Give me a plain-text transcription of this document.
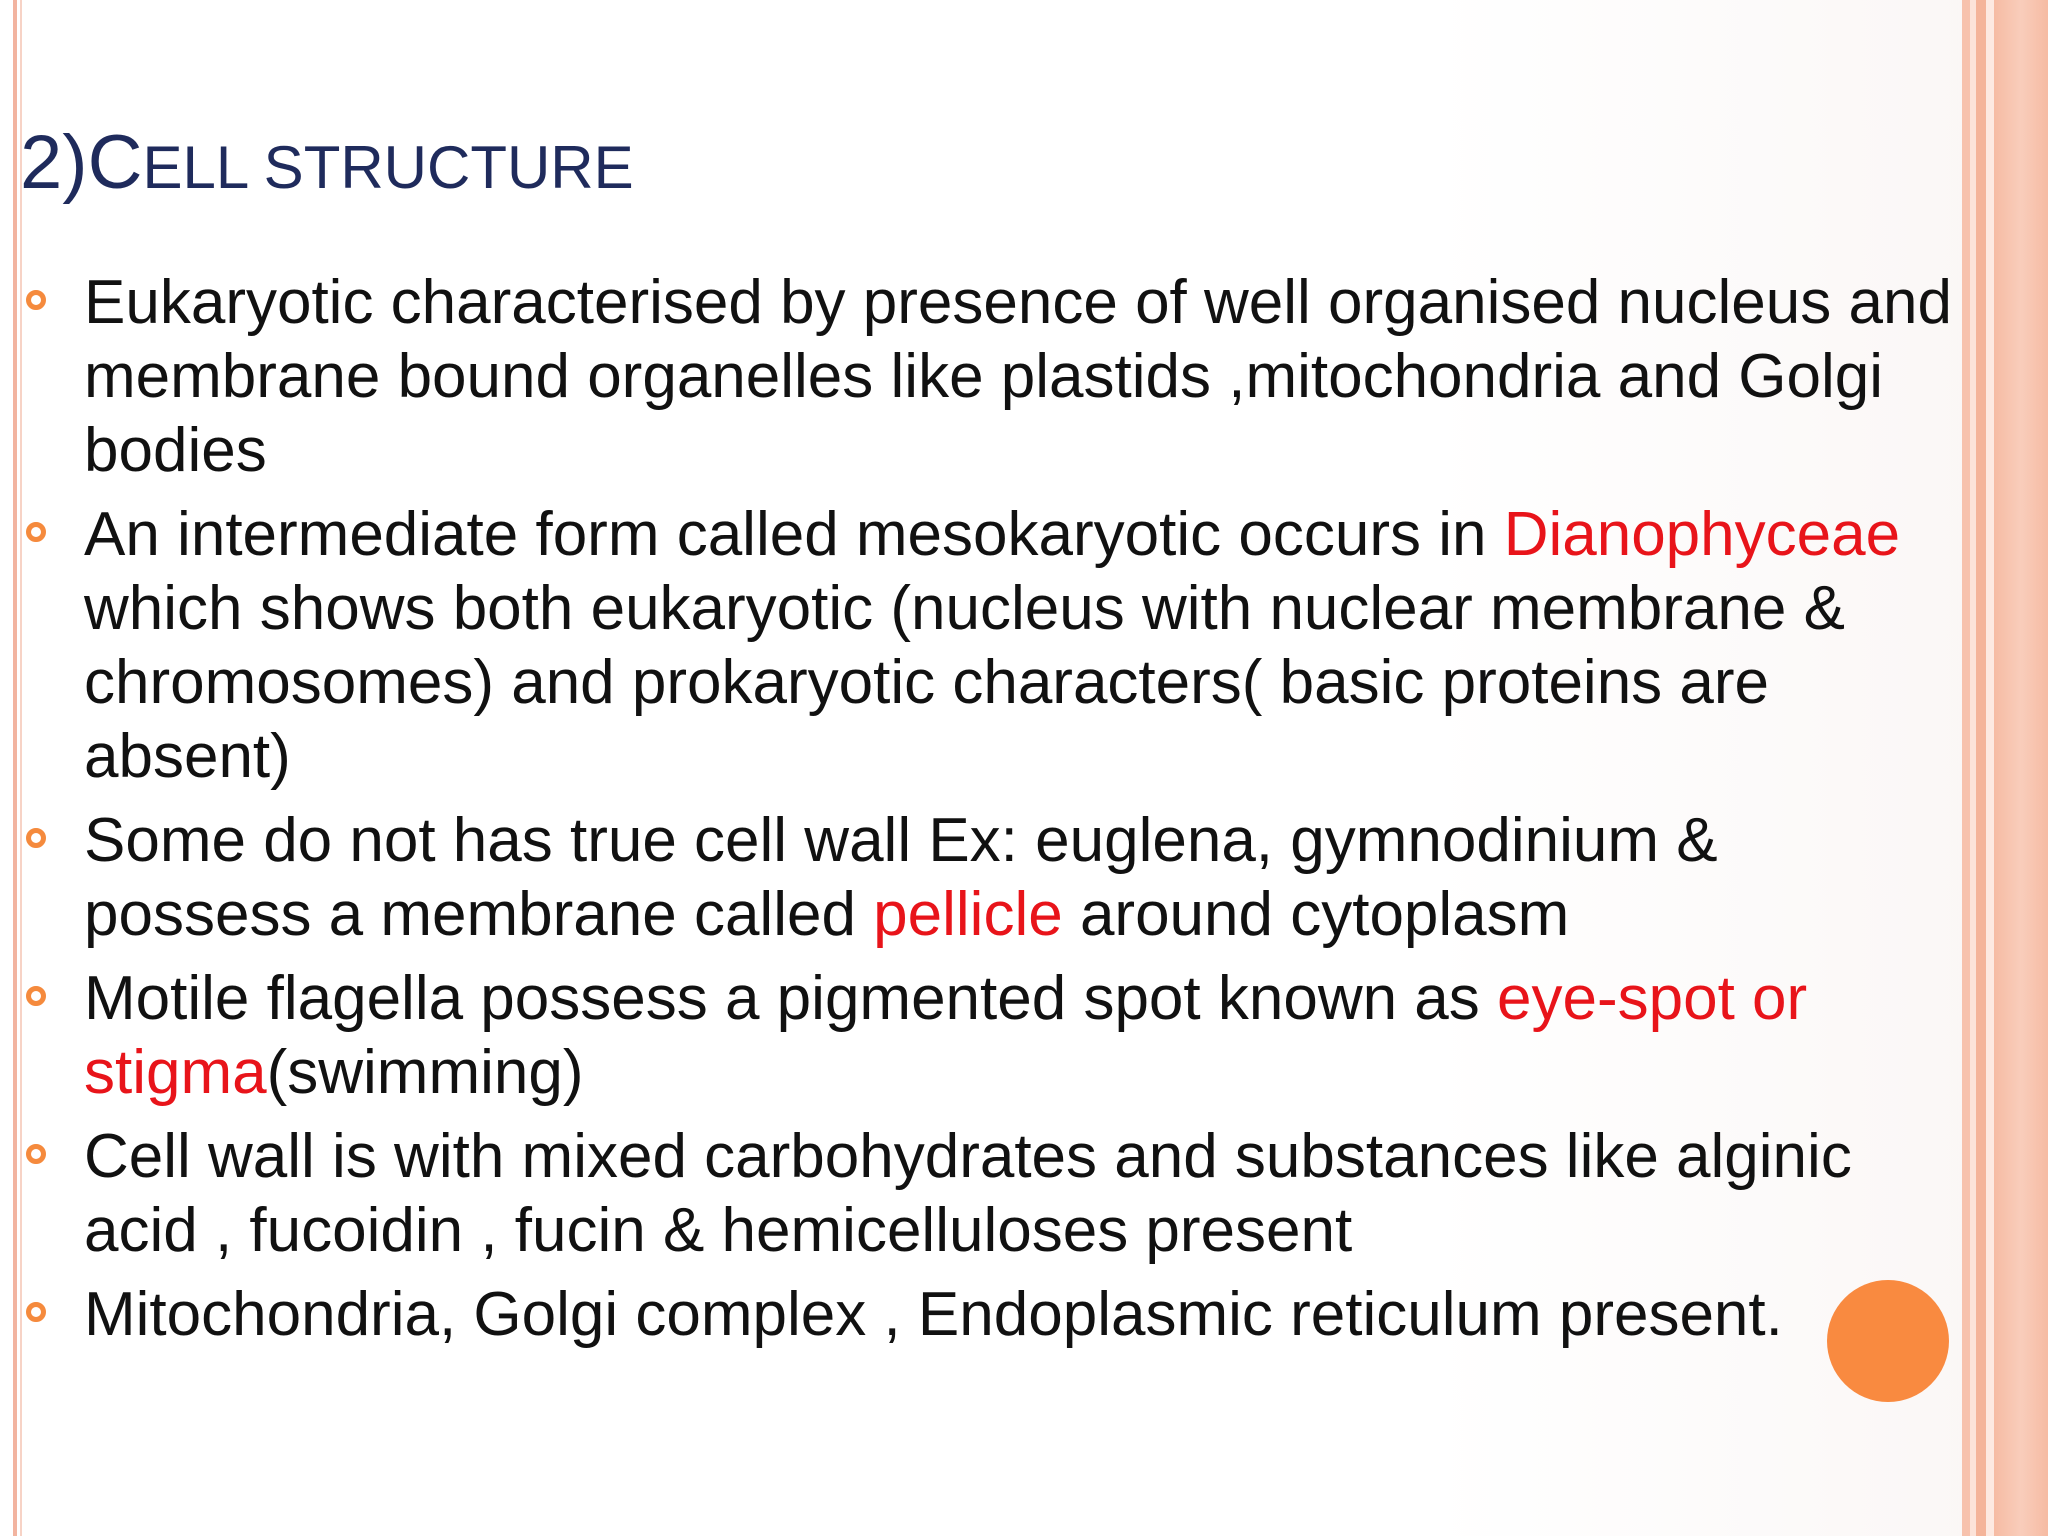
2)CELL STRUCTURE
Eukaryotic characterised by presence of well organised nucleus and membrane bound organelles like plastids ,mitochondria and Golgi bodies
An intermediate form called mesokaryotic occurs in Dianophyceae  which shows both eukaryotic (nucleus with nuclear membrane & chromosomes) and prokaryotic characters( basic proteins are absent)
Some do not has true cell wall Ex: euglena, gymnodinium & possess a membrane called pellicle around cytoplasm
Motile flagella possess a pigmented spot known as eye-spot or stigma(swimming)
Cell wall is with mixed carbohydrates and substances like alginic acid , fucoidin , fucin & hemicelluloses present
Mitochondria, Golgi complex , Endoplasmic reticulum present.
